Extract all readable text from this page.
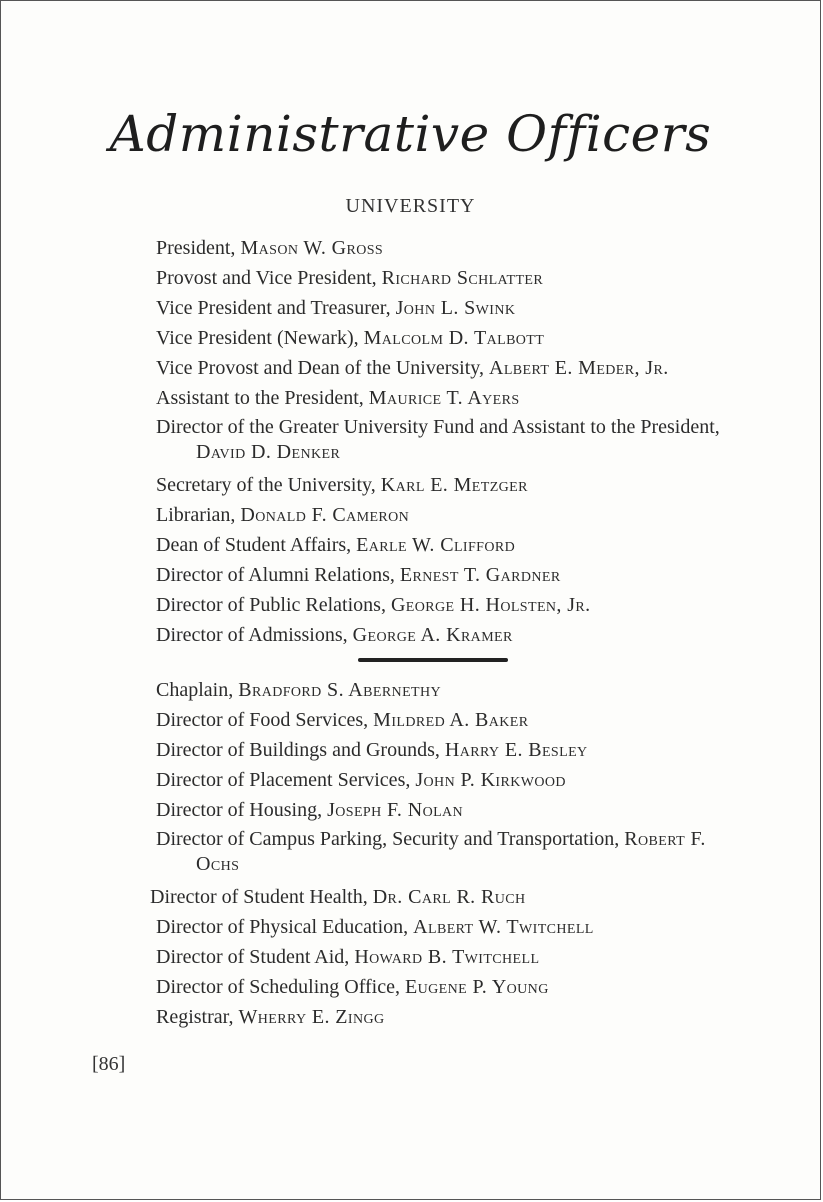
Administrative Officers
UNIVERSITY

President, Mason W. Gross

Provost and Vice President, Richard Schlatter

Vice President and Treasurer, John L. Swink

Vice President (Newark), Malcolm D. Talbott

Vice Provost and Dean of the University, Albert E. Meder, Jr.

Assistant to the President, Maurice T. Ayers

Director of the Greater University Fund and Assistant to the President, David D. Denker

Secretary of the University, Karl E. Metzger

Librarian, Donald F. Cameron

Dean of Student Affairs, Earle W. Clifford

Director of Alumni Relations, Ernest T. Gardner

Director of Public Relations, George H. Holsten, Jr.

Director of Admissions, George A. Kramer

Chaplain, Bradford S. Abernethy

Director of Food Services, Mildred A. Baker

Director of Buildings and Grounds, Harry E. Besley

Director of Placement Services, John P. Kirkwood

Director of Housing, Joseph F. Nolan

Director of Campus Parking, Security and Transportation, Robert F. Ochs

Director of Student Health, Dr. Carl R. Ruch

Director of Physical Education, Albert W. Twitchell

Director of Student Aid, Howard B. Twitchell

Director of Scheduling Office, Eugene P. Young

Registrar, Wherry E. Zingg

[86]
